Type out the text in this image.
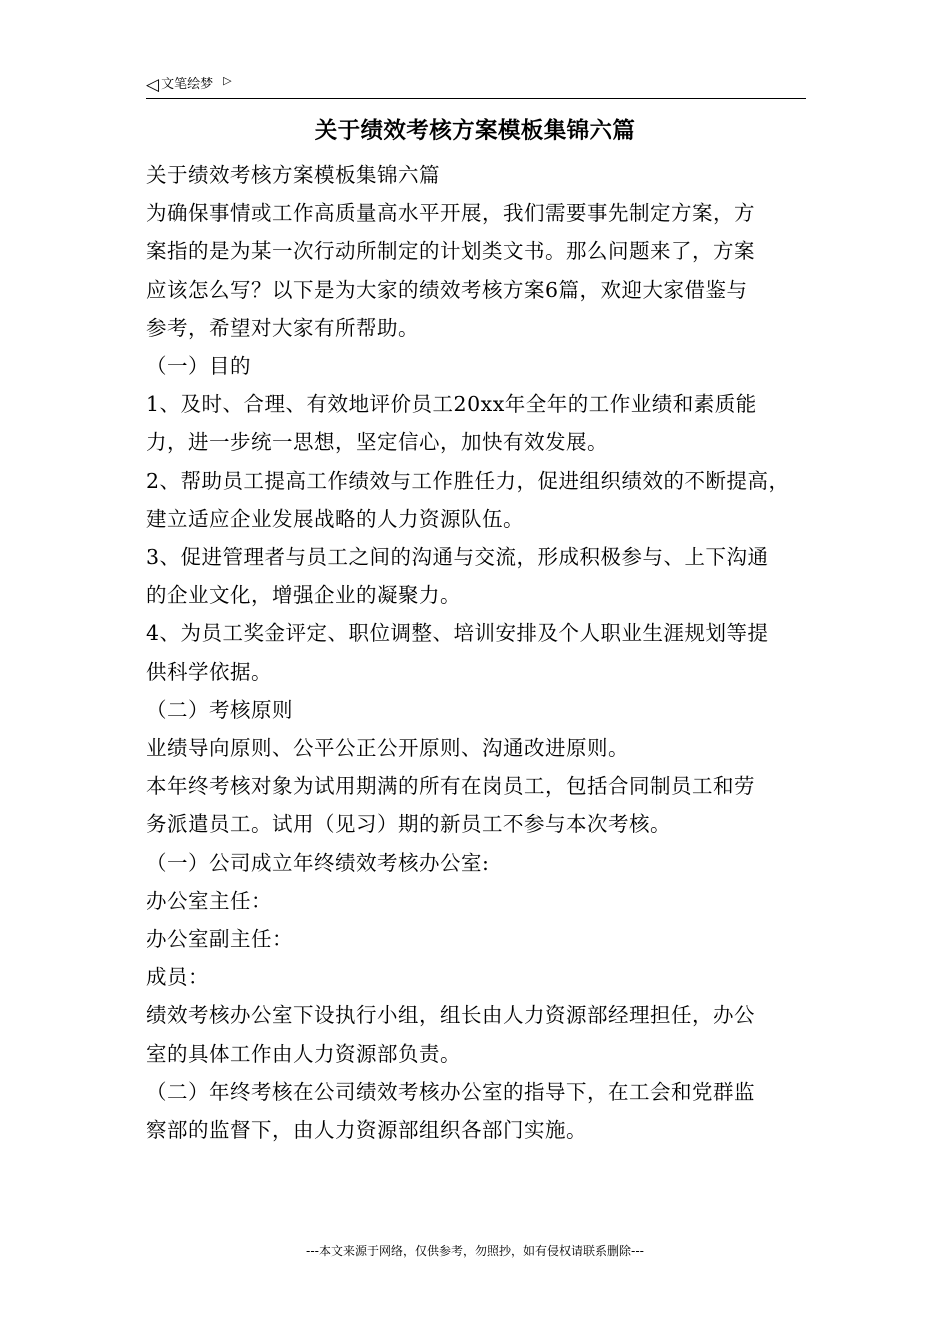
◁ 文笔绘梦 ▷
关于绩效考核方案模板集锦六篇

关于绩效考核方案模板集锦六篇

为确保事情或工作高质量高水平开展，我们需要事先制定方案，方

案指的是为某一次行动所制定的计划类文书。那么问题来了，方案

应该怎么写？以下是为大家的绩效考核方案6篇，欢迎大家借鉴与

参考，希望对大家有所帮助。

（一）目的

1、及时、合理、有效地评价员工20xx年全年的工作业绩和素质能

力，进一步统一思想，坚定信心，加快有效发展。

2、帮助员工提高工作绩效与工作胜任力，促进组织绩效的不断提高，

建立适应企业发展战略的人力资源队伍。

3、促进管理者与员工之间的沟通与交流，形成积极参与、上下沟通

的企业文化，增强企业的凝聚力。

4、为员工奖金评定、职位调整、培训安排及个人职业生涯规划等提

供科学依据。

（二）考核原则

业绩导向原则、公平公正公开原则、沟通改进原则。

本年终考核对象为试用期满的所有在岗员工，包括合同制员工和劳

务派遣员工。试用（见习）期的新员工不参与本次考核。

（一）公司成立年终绩效考核办公室:

办公室主任：

办公室副主任：

成员：

绩效考核办公室下设执行小组，组长由人力资源部经理担任，办公

室的具体工作由人力资源部负责。

（二）年终考核在公司绩效考核办公室的指导下，在工会和党群监

察部的监督下，由人力资源部组织各部门实施。

---本文来源于网络，仅供参考，勿照抄，如有侵权请联系删除---
